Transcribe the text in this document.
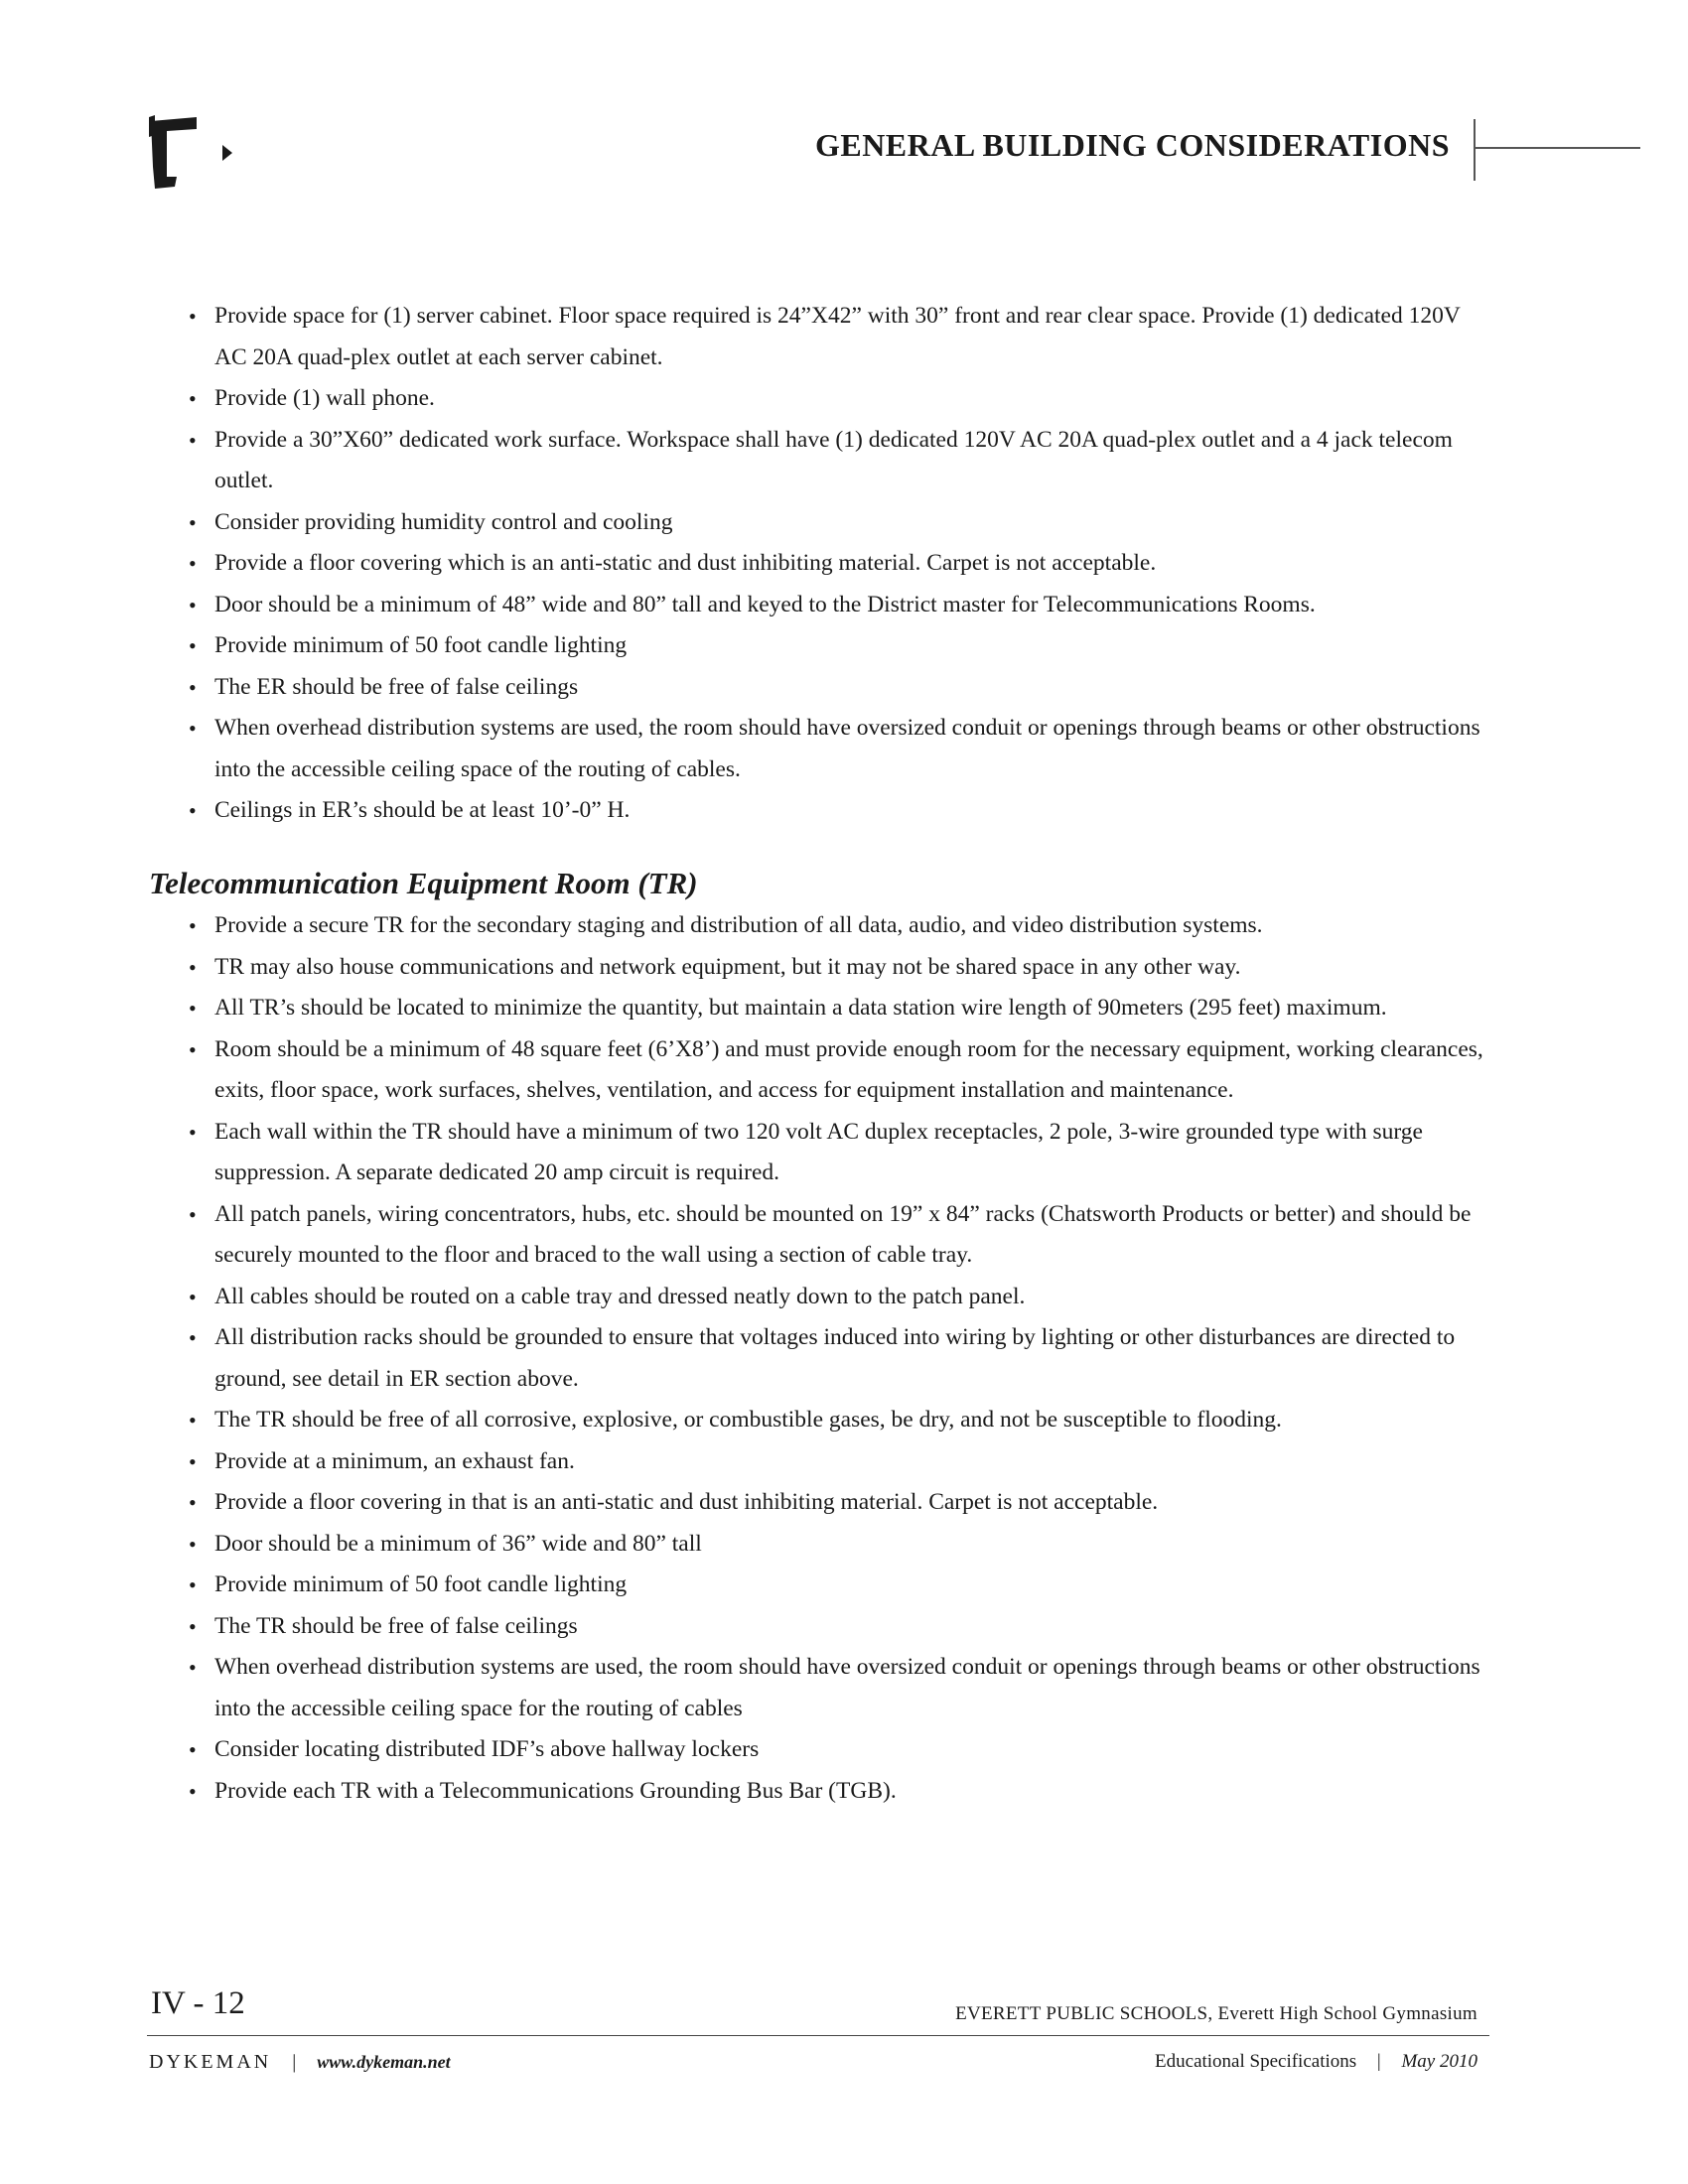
GENERAL BUILDING CONSIDERATIONS
• Provide space for (1) server cabinet. Floor space required is 24”X42” with 30” front and rear clear space. Provide (1) dedicated 120V AC 20A quad-plex outlet at each server cabinet.
• Provide (1) wall phone.
• Provide a 30”X60” dedicated work surface. Workspace shall have (1) dedicated 120V AC 20A quad-plex outlet and a 4 jack telecom outlet.
• Consider providing humidity control and cooling
• Provide a floor covering which is an anti-static and dust inhibiting material. Carpet is not acceptable.
• Door should be a minimum of 48” wide and 80” tall and keyed to the District master for Telecommunications Rooms.
• Provide minimum of 50 foot candle lighting
• The ER should be free of false ceilings
• When overhead distribution systems are used, the room should have oversized conduit or openings through beams or other obstructions into the accessible ceiling space of the routing of cables.
• Ceilings in ER’s should be at least 10’-0” H.
Telecommunication Equipment Room (TR)
• Provide a secure TR for the secondary staging and distribution of all data, audio, and video distribution systems.
• TR may also house communications and network equipment, but it may not be shared space in any other way.
• All TR’s should be located to minimize the quantity, but maintain a data station wire length of 90meters (295 feet) maximum.
• Room should be a minimum of 48 square feet (6’X8’) and must provide enough room for the necessary equipment, working clearances, exits, floor space, work surfaces, shelves, ventilation, and access for equipment installation and maintenance.
• Each wall within the TR should have a minimum of two 120 volt AC duplex receptacles, 2 pole, 3-wire grounded type with surge suppression. A separate dedicated 20 amp circuit is required.
• All patch panels, wiring concentrators, hubs, etc. should be mounted on 19” x 84” racks (Chatsworth Products or better) and should be securely mounted to the floor and braced to the wall using a section of cable tray.
• All cables should be routed on a cable tray and dressed neatly down to the patch panel.
• All distribution racks should be grounded to ensure that voltages induced into wiring by lighting or other disturbances are directed to ground, see detail in ER section above.
• The TR should be free of all corrosive, explosive, or combustible gases, be dry, and not be susceptible to flooding.
• Provide at a minimum, an exhaust fan.
• Provide a floor covering in that is an anti-static and dust inhibiting material. Carpet is not acceptable.
• Door should be a minimum of 36” wide and 80” tall
• Provide minimum of 50 foot candle lighting
• The TR should be free of false ceilings
• When overhead distribution systems are used, the room should have oversized conduit or openings through beams or other obstructions into the accessible ceiling space for the routing of cables
• Consider locating distributed IDF’s above hallway lockers
• Provide each TR with a Telecommunications Grounding Bus Bar (TGB).
IV - 12	EVERETT PUBLIC SCHOOLS, Everett High School Gymnasium
DYKEMAN | www.dykeman.net	Educational Specifications | May 2010
